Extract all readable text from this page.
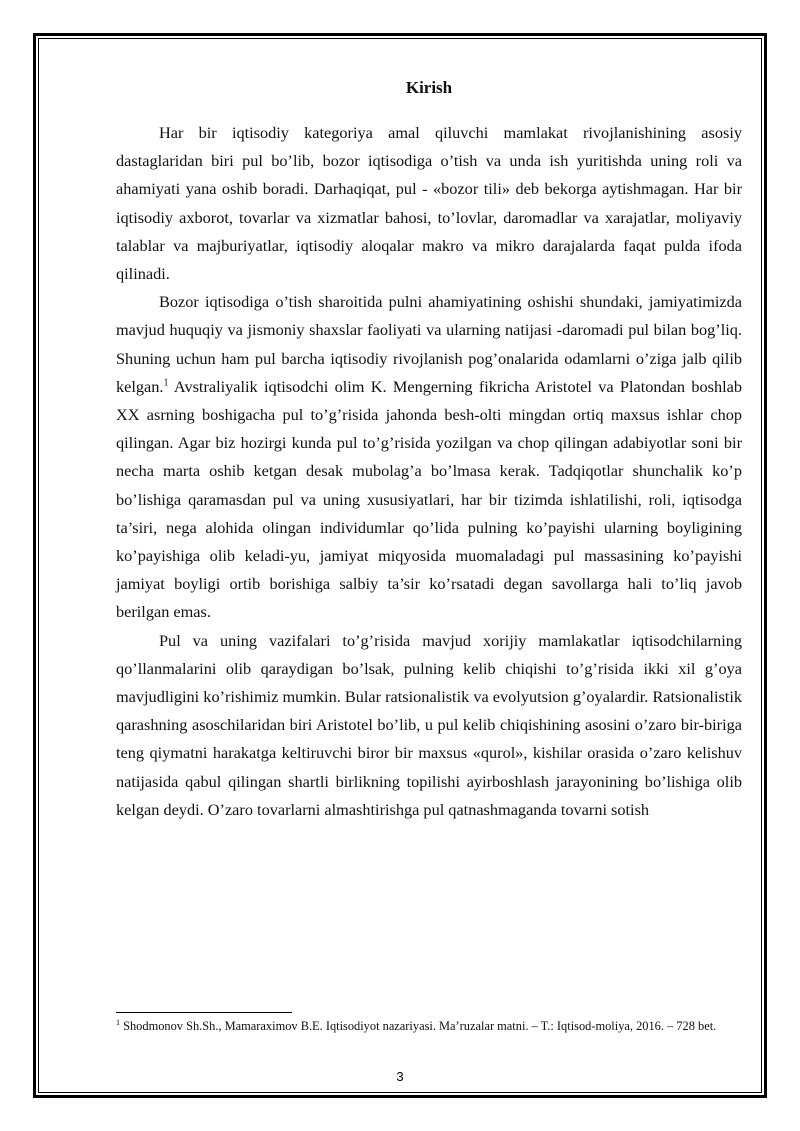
Kirish

Har bir iqtisodiy kategoriya amal qiluvchi mamlakat rivojlanishining asosiy dastaglaridan biri pul bo’lib, bozor iqtisodiga o’tish va unda ish yuritishda uning roli va ahamiyati yana oshib boradi. Darhaqiqat, pul - «bozor tili» deb bekorga aytishmagan. Har bir iqtisodiy axborot, tovarlar va xizmatlar bahosi, to’lovlar, daromadlar va xarajatlar, moliyaviy talablar va majburiyatlar, iqtisodiy aloqalar makro va mikro darajalarda faqat pulda ifoda qilinadi.

Bozor iqtisodiga o’tish sharoitida pulni ahamiyatining oshishi shundaki, jamiyatimizda mavjud huquqiy va jismoniy shaxslar faoliyati va ularning natijasi -daromadi pul bilan bog’liq. Shuning uchun ham pul barcha iqtisodiy rivojlanish pog’onalarida odamlarni o’ziga jalb qilib kelgan.$^1$ Avstraliyalik iqtisodchi olim K. Mengerning fikricha Aristotel va Platondan boshlab XX asrning boshigacha pul to’g’risida jahonda besh-olti mingdan ortiq maxsus ishlar chop qilingan. Agar biz hozirgi kunda pul to’g’risida yozilgan va chop qilingan adabiyotlar soni bir necha marta oshib ketgan desak mubolag’a bo’lmasa kerak. Tadqiqotlar shunchalik ko’p bo’lishiga qaramasdan pul va uning xususiyatlari, har bir tizimda ishlatilishi, roli, iqtisodga ta’siri, nega alohida olingan individumlar qo’lida pulning ko’payishi ularning boyligining ko’payishiga olib keladi-yu, jamiyat miqyosida muomaladagi pul massasining ko’payishi jamiyat boyligi ortib borishiga salbiy ta’sir ko’rsatadi degan savollarga hali to’liq javob berilgan emas.

Pul va uning vazifalari to’g’risida mavjud xorijiy mamlakatlar iqtisodchilarning qo’llanmalarini olib qaraydigan bo’lsak, pulning kelib chiqishi to’g’risida ikki xil g’oya mavjudligini ko’rishimiz mumkin. Bular ratsionalistik va evolyutsion g’oyalardir. Ratsionalistik qarashning asoschilaridan biri Aristotel bo’lib, u pul kelib chiqishining asosini o’zaro bir-biriga teng qiymatni harakatga keltiruvchi biror bir maxsus «qurol», kishilar orasida o’zaro kelishuv natijasida qabul qilingan shartli birlikning topilishi ayirboshlash jarayonining bo’lishiga olib kelgan deydi. O’zaro tovarlarni almashtirishga pul qatnashmaganda tovarni sotish

$^1$ Shodmonov Sh.Sh., Mamaraximov B.E. Iqtisodiyot nazariyasi. Ma’ruzalar matni. – T.: Iqtisod-moliya, 2016. – 728 bet.
3
